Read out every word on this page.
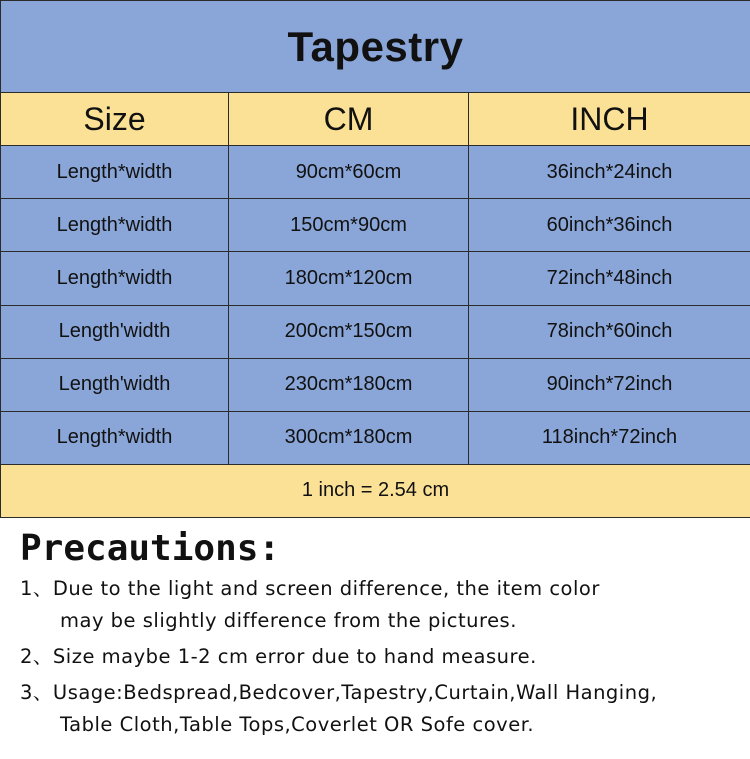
Tapestry		
Size	CM	INCH
Length*width	90cm*60cm	36inch*24inch
Length*width	150cm*90cm	60inch*36inch
Length*width	180cm*120cm	72inch*48inch
Length'width	200cm*150cm	78inch*60inch
Length'width	230cm*180cm	90inch*72inch
Length*width	300cm*180cm	118inch*72inch
1 inch = 2.54 cm		
Precautions:
1、 Due to the light and screen difference, the item color
may be slightly difference from the pictures.
2、 Size maybe 1-2 cm error due to hand measure.
3、 Usage:Bedspread,Bedcover,Tapestry,Curtain,Wall Hanging,
Table Cloth,Table Tops,Coverlet OR Sofe cover.
